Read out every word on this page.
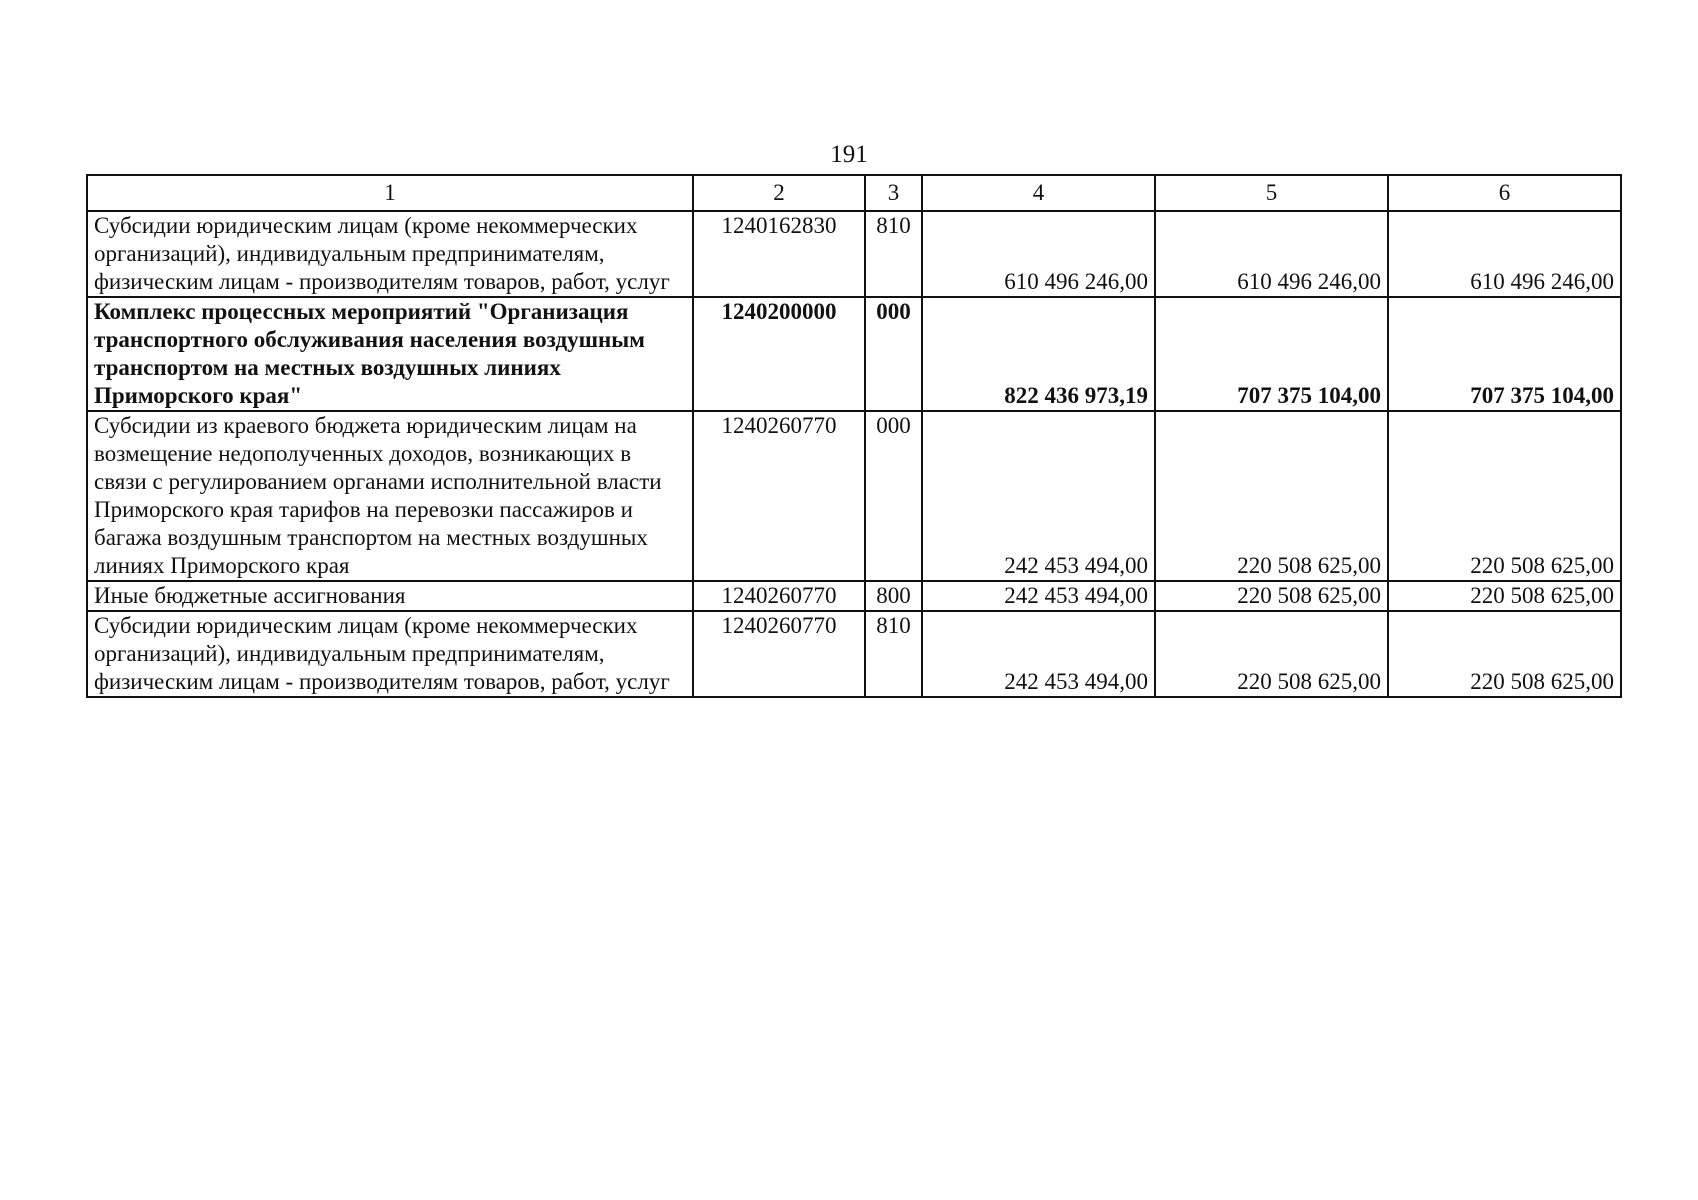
191
1	2	3	4	5	6
Субсидии юридическим лицам (кроме некоммерческих организаций), индивидуальным предпринимателям, физическим лицам - производителям товаров, работ, услуг	1240162830	810	610 496 246,00	610 496 246,00	610 496 246,00
Комплекс процессных мероприятий "Организация транспортного обслуживания населения воздушным транспортом на местных воздушных линиях Приморского края"	1240200000	000	822 436 973,19	707 375 104,00	707 375 104,00
Субсидии из краевого бюджета юридическим лицам на возмещение недополученных доходов, возникающих в связи с регулированием органами исполнительной власти Приморского края тарифов на перевозки пассажиров и багажа воздушным транспортом на местных воздушных линиях Приморского края	1240260770	000	242 453 494,00	220 508 625,00	220 508 625,00
Иные бюджетные ассигнования	1240260770	800	242 453 494,00	220 508 625,00	220 508 625,00
Субсидии юридическим лицам (кроме некоммерческих организаций), индивидуальным предпринимателям, физическим лицам - производителям товаров, работ, услуг	1240260770	810	242 453 494,00	220 508 625,00	220 508 625,00
